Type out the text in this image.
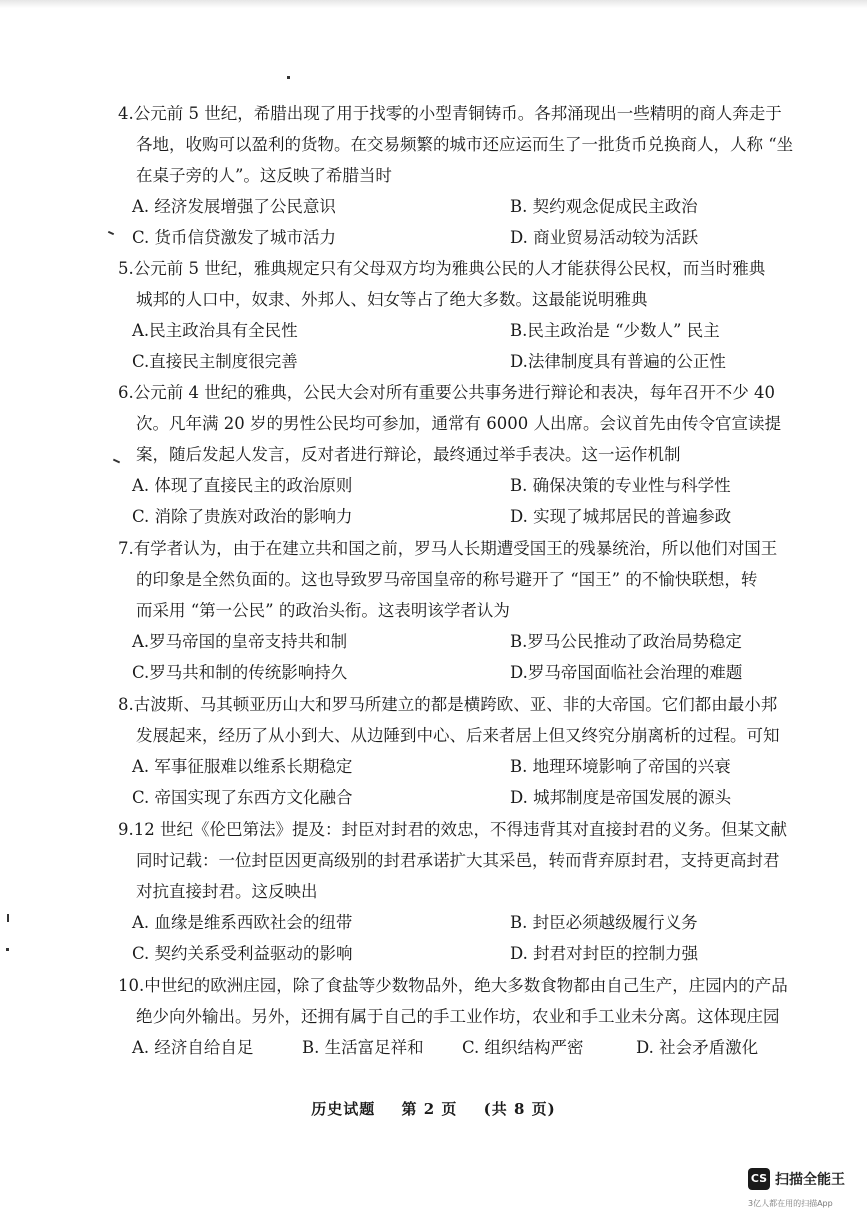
4.公元前 5 世纪，希腊出现了用于找零的小型青铜铸币。各邦涌现出一些精明的商人奔走于

各地，收购可以盈利的货物。在交易频繁的城市还应运而生了一批货币兑换商人，人称 “坐

在桌子旁的人”。这反映了希腊当时

A. 经济发展增强了公民意识	B. 契约观念促成民主政治
C. 货币信贷激发了城市活力	D. 商业贸易活动较为活跃

5.公元前 5 世纪，雅典规定只有父母双方均为雅典公民的人才能获得公民权，而当时雅典

城邦的人口中，奴隶、外邦人、妇女等占了绝大多数。这最能说明雅典

A.民主政治具有全民性	B.民主政治是 “少数人” 民主
C.直接民主制度很完善	D.法律制度具有普遍的公正性

6.公元前 4 世纪的雅典，公民大会对所有重要公共事务进行辩论和表决，每年召开不少 40

次。凡年满 20 岁的男性公民均可参加，通常有 6000 人出席。会议首先由传令官宣读提

案，随后发起人发言，反对者进行辩论，最终通过举手表决。这一运作机制

A. 体现了直接民主的政治原则	B. 确保决策的专业性与科学性
C. 消除了贵族对政治的影响力	D. 实现了城邦居民的普遍参政

7.有学者认为，由于在建立共和国之前，罗马人长期遭受国王的残暴统治，所以他们对国王

的印象是全然负面的。这也导致罗马帝国皇帝的称号避开了 “国王” 的不愉快联想，转

而采用 “第一公民” 的政治头衔。这表明该学者认为

A.罗马帝国的皇帝支持共和制	B.罗马公民推动了政治局势稳定
C.罗马共和制的传统影响持久	D.罗马帝国面临社会治理的难题

8.古波斯、马其顿亚历山大和罗马所建立的都是横跨欧、亚、非的大帝国。它们都由最小邦

发展起来，经历了从小到大、从边陲到中心、后来者居上但又终究分崩离析的过程。可知

A. 军事征服难以维系长期稳定	B. 地理环境影响了帝国的兴衰
C. 帝国实现了东西方文化融合	D. 城邦制度是帝国发展的源头

9.12 世纪《伦巴第法》提及：封臣对封君的效忠，不得违背其对直接封君的义务。但某文献

同时记载：一位封臣因更高级别的封君承诺扩大其采邑，转而背弃原封君，支持更高封君

对抗直接封君。这反映出

A. 血缘是维系西欧社会的纽带	B. 封臣必须越级履行义务
C. 契约关系受利益驱动的影响	D. 封君对封臣的控制力强

10.中世纪的欧洲庄园，除了食盐等少数物品外，绝大多数食物都由自己生产，庄园内的产品

绝少向外输出。另外，还拥有属于自己的手工业作坊，农业和手工业未分离。这体现庄园

A. 经济自给自足	B. 生活富足祥和 C. 组织结构严密	D. 社会矛盾激化
历史试题 第 2 页 (共 8 页)
CS 扫描全能王
3亿人都在用的扫描App
